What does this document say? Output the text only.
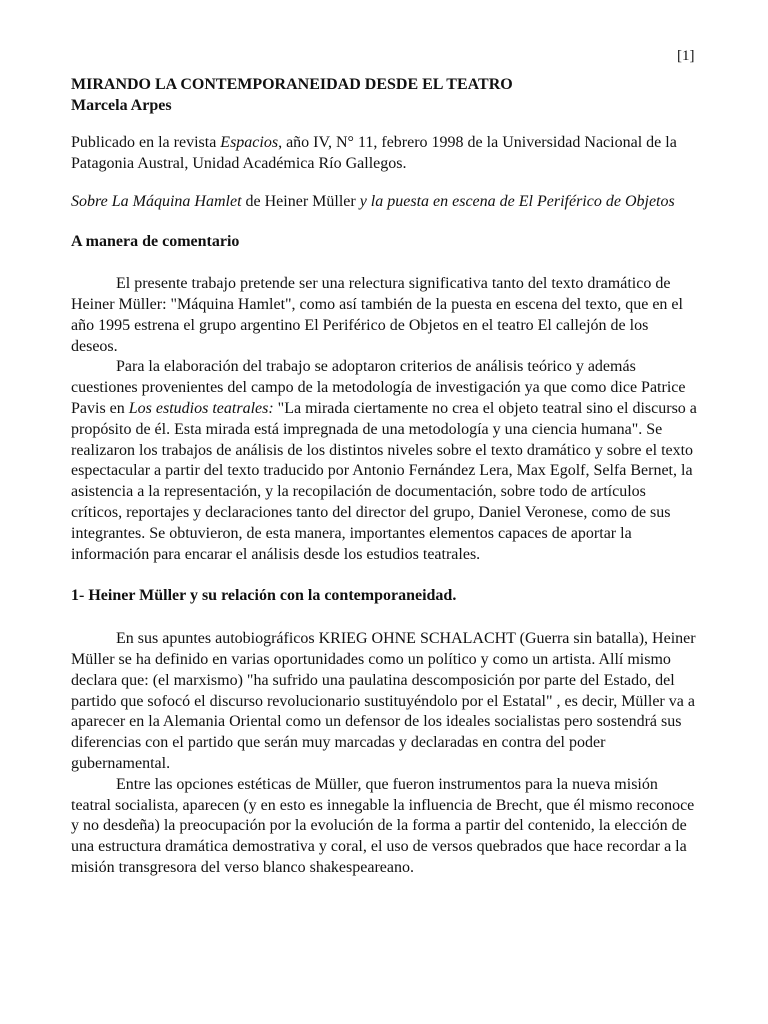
[1]

MIRANDO LA CONTEMPORANEIDAD DESDE EL TEATRO

Marcela Arpes

Publicado en la revista Espacios, año IV, N° 11, febrero 1998 de la Universidad Nacional de la Patagonia Austral, Unidad Académica Río Gallegos.

Sobre La Máquina Hamlet de Heiner Müller y la puesta en escena de El Periférico de Objetos

A manera de comentario

El presente trabajo pretende ser una relectura significativa tanto del texto dramático de Heiner Müller: "Máquina Hamlet", como así también de la puesta en escena del texto, que en el año 1995 estrena el grupo argentino El Periférico de Objetos en el teatro El callejón de los deseos.

Para la elaboración del trabajo se adoptaron criterios de análisis teórico y además cuestiones provenientes del campo de la metodología de investigación ya que como dice Patrice Pavis en Los estudios teatrales: "La mirada ciertamente no crea el objeto teatral sino el discurso a propósito de él. Esta mirada está impregnada de una metodología y una ciencia humana". Se realizaron los trabajos de análisis de los distintos niveles sobre el texto dramático y sobre el texto espectacular a partir del texto traducido por Antonio Fernández Lera, Max Egolf, Selfa Bernet, la asistencia a la representación, y la recopilación de documentación, sobre todo de artículos críticos, reportajes y declaraciones tanto del director del grupo, Daniel Veronese, como de sus integrantes. Se obtuvieron, de esta manera, importantes elementos capaces de aportar la información para encarar el análisis desde los estudios teatrales.

1- Heiner Müller y su relación con la contemporaneidad.

En sus apuntes autobiográficos KRIEG OHNE SCHALACHT (Guerra sin batalla), Heiner Müller se ha definido en varias oportunidades como un político y como un artista. Allí mismo declara que: (el marxismo) "ha sufrido una paulatina descomposición por parte del Estado, del partido que sofocó el discurso revolucionario sustituyéndolo por el Estatal" , es decir, Müller va a aparecer en la Alemania Oriental como un defensor de los ideales socialistas pero sostendrá sus diferencias con el partido que serán muy marcadas y declaradas en contra del poder gubernamental.

Entre las opciones estéticas de Müller, que fueron instrumentos para la nueva misión teatral socialista, aparecen (y en esto es innegable la influencia de Brecht, que él mismo reconoce y no desdeña) la preocupación por la evolución de la forma a partir del contenido, la elección de una estructura dramática demostrativa y coral, el uso de versos quebrados que hace recordar a la misión transgresora del verso blanco shakespeareano.
